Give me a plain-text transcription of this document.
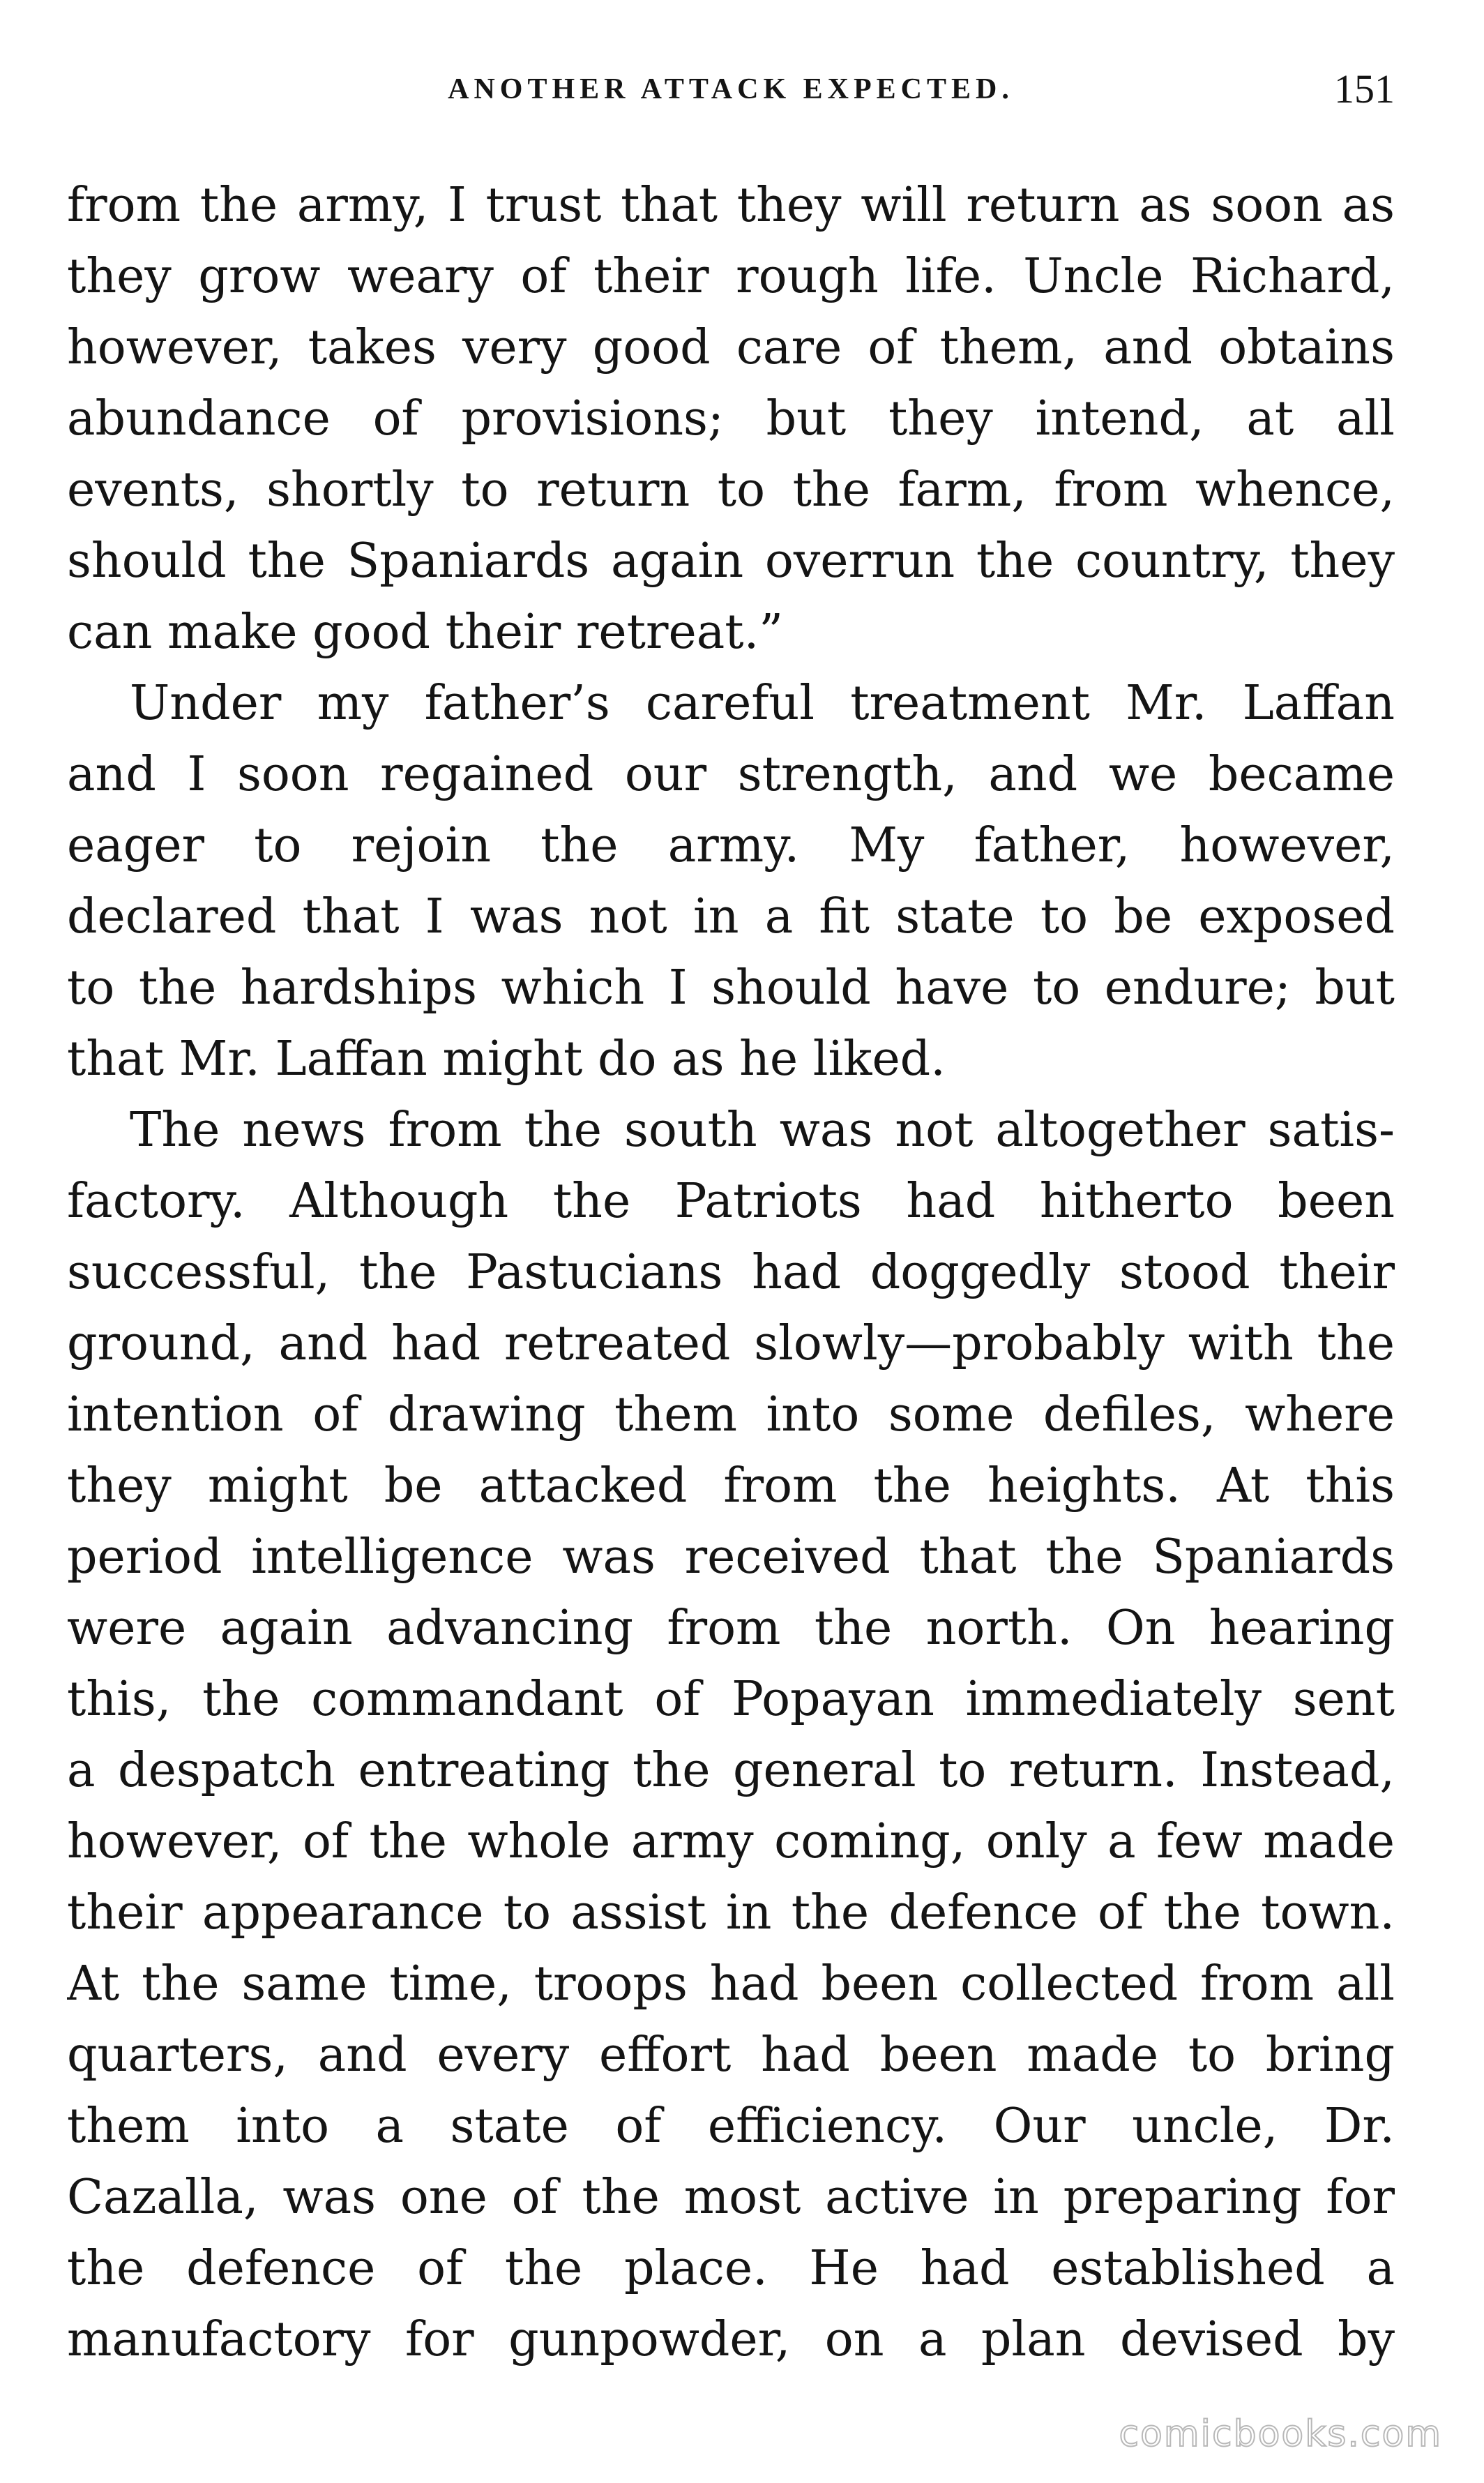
ANOTHER ATTACK EXPECTED.	151
from the army, I trust that they will return as soon as
they grow weary of their rough life. Uncle Richard,
however, takes very good care of them, and obtains
abundance of provisions; but they intend, at all
events, shortly to return to the farm, from whence,
should the Spaniards again overrun the country, they
can make good their retreat.”
Under my father’s careful treatment Mr. Laffan
and I soon regained our strength, and we became
eager to rejoin the army. My father, however,
declared that I was not in a fit state to be exposed
to the hardships which I should have to endure; but
that Mr. Laffan might do as he liked.
The news from the south was not altogether satis-
factory. Although the Patriots had hitherto been
successful, the Pastucians had doggedly stood their
ground, and had retreated slowly—probably with the
intention of drawing them into some defiles, where
they might be attacked from the heights. At this
period intelligence was received that the Spaniards
were again advancing from the north. On hearing
this, the commandant of Popayan immediately sent
a despatch entreating the general to return. Instead,
however, of the whole army coming, only a few made
their appearance to assist in the defence of the town.
At the same time, troops had been collected from all
quarters, and every effort had been made to bring
them into a state of efficiency. Our uncle, Dr.
Cazalla, was one of the most active in preparing for
the defence of the place. He had established a
manufactory for gunpowder, on a plan devised by
comicbooks.com
